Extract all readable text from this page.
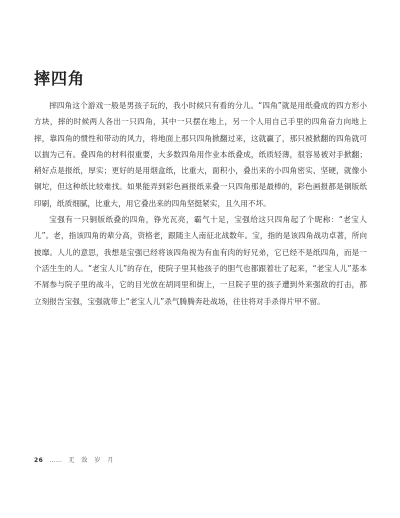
摔四角

摔四角这个游戏一般是男孩子玩的，我小时候只有看的分儿。“四角”就是用纸叠成的四方形小方块，摔的时候两人各出一只四角，其中一只摆在地上，另一个人用自己手里的四角奋力向地上摔，靠四角的惯性和带动的风力，将地面上那只四角掀翻过来，这就赢了，那只被掀翻的四角就可以揣为己有。叠四角的材料很重要，大多数四角用作业本纸叠成，纸质轻薄，很容易被对手掀翻；稍好点是报纸，厚实；更好的是用烟盒纸，比重大，面积小，叠出来的小四角密实、坚硬，就像小铜坨，但这种纸比较难找。如果能弄到彩色画报纸来叠一只四角那是最棒的，彩色画报都是铜版纸印刷，纸质细腻，比重大，用它叠出来的四角坚挺紧实，且久用不坏。

宝强有一只铜版纸叠的四角，铮光瓦亮，霸气十足，宝强给这只四角起了个昵称：“老宝人儿”。老，指该四角的辈分高，资格老，跟随主人南征北战数年。宝，指的是该四角战功卓著，所向披靡。人儿的意思，我想是宝强已经将该四角视为有血有肉的好兄弟，它已经不是纸四角，而是一个活生生的人。“老宝人儿”的存在，使院子里其他孩子的胆气也都跟着壮了起来，“老宝人儿”基本不屑参与院子里的战斗，它的目光放在胡同里和街上，一旦院子里的孩子遭到外来强敌的打击，都立刻报告宝强，宝强就带上“老宝人儿”杀气腾腾奔赴战场，往往将对手杀得片甲不留。

26 …… 无　敌　岁　月
